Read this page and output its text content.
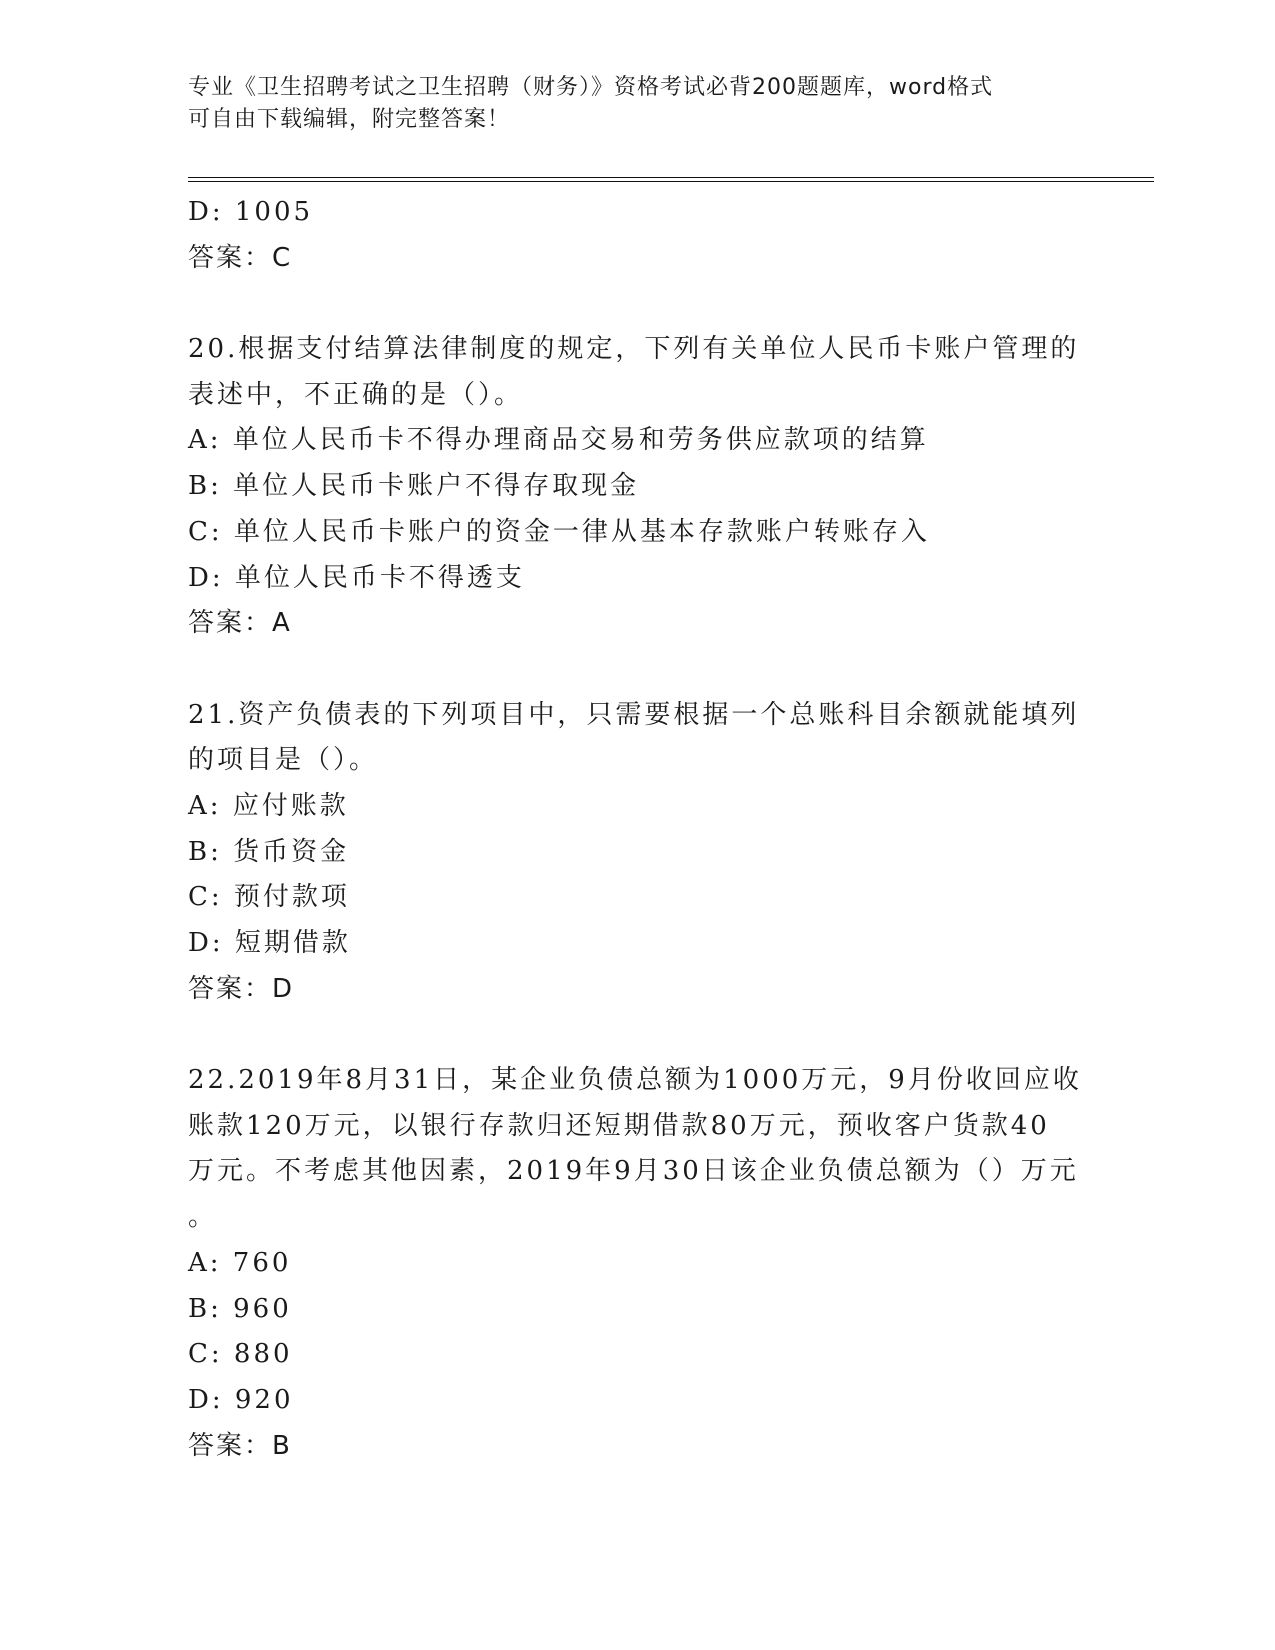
专业《卫生招聘考试之卫生招聘（财务）》资格考试必背200题题库，word格式
可自由下载编辑，附完整答案！
D: 1005
答案：C
20.根据支付结算法律制度的规定，下列有关单位人民币卡账户管理的
表述中，不正确的是（）。
A: 单位人民币卡不得办理商品交易和劳务供应款项的结算
B: 单位人民币卡账户不得存取现金
C: 单位人民币卡账户的资金一律从基本存款账户转账存入
D: 单位人民币卡不得透支
答案：A
21.资产负债表的下列项目中，只需要根据一个总账科目余额就能填列
的项目是（）。
A: 应付账款
B: 货币资金
C: 预付款项
D: 短期借款
答案：D
22.2019年8月31日，某企业负债总额为1000万元，9月份收回应收
账款120万元，以银行存款归还短期借款80万元，预收客户货款40
万元。不考虑其他因素，2019年9月30日该企业负债总额为（）万元
。
A: 760
B: 960
C: 880
D: 920
答案：B
